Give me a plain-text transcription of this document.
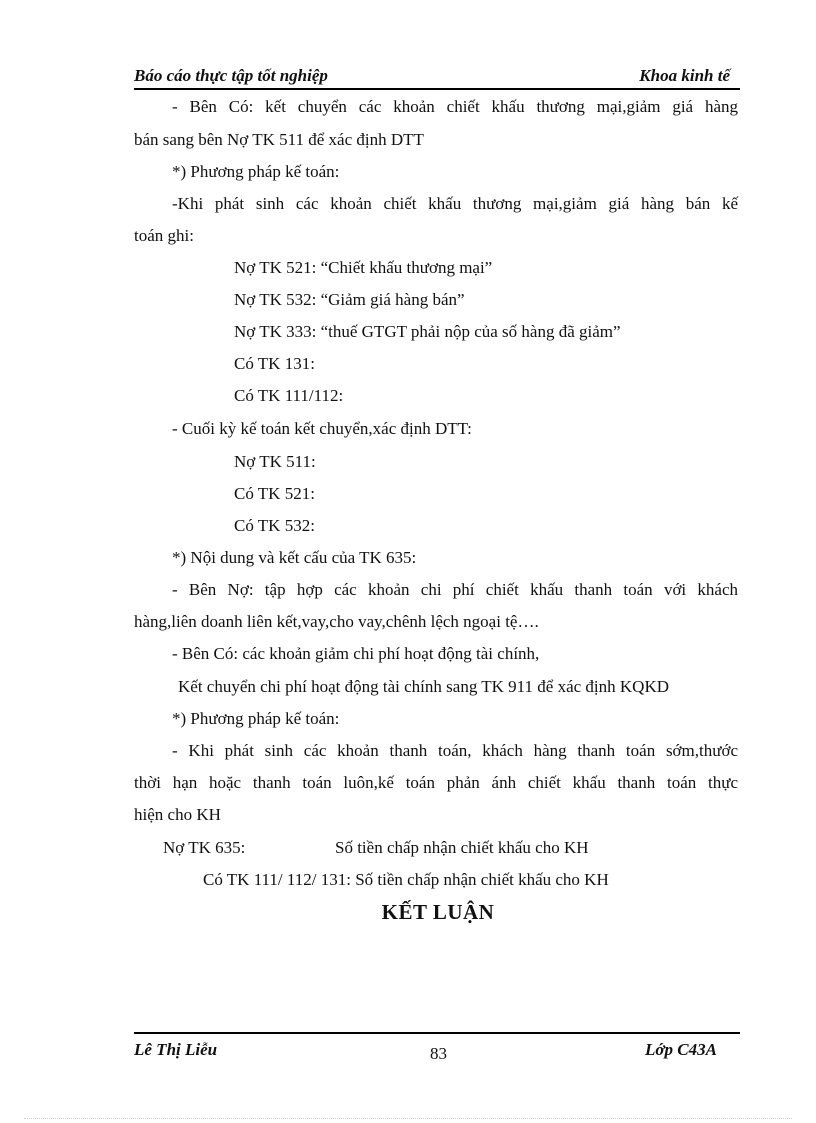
Báo cáo thực tập tốt nghiệp	Khoa kinh tế
- Bên Có: kết chuyển các khoản chiết khấu thương mại,giảm giá hàng
bán sang bên Nợ TK 511 để xác định DTT
*) Phương pháp kế toán:
-Khi phát sinh các khoản chiết khấu thương mại,giảm giá hàng bán kế
toán ghi:
Nợ TK 521: “Chiết khấu thương mại”
Nợ TK 532: “Giảm giá hàng bán”
Nợ TK 333: “thuế GTGT phải nộp của số hàng đã giảm”
Có TK 131:
Có TK 111/112:
- Cuối kỳ kế toán kết chuyển,xác định DTT:
Nợ TK 511:
Có TK 521:
Có TK 532:
*) Nội dung và kết cấu của TK 635:
- Bên Nợ: tập hợp các khoản chi phí chiết khấu thanh toán với khách
hàng,liên doanh liên kết,vay,cho vay,chênh lệch ngoại tệ….
- Bên Có: các khoản giảm chi phí hoạt động tài chính,
Kết chuyển chi phí hoạt động tài chính sang TK 911 để xác định KQKD
*) Phương pháp kế toán:
- Khi phát sinh các khoản thanh toán, khách hàng thanh toán sớm,thước
thời hạn hoặc thanh toán luôn,kế toán phản ánh chiết khấu thanh toán thực
hiện cho KH
Nợ TK 635:	Số tiền chấp nhận chiết khấu cho KH
Có TK 111/ 112/ 131: Số tiền chấp nhận chiết khấu cho KH
KẾT LUẬN
Lê Thị Liễu	83	Lớp C43A
